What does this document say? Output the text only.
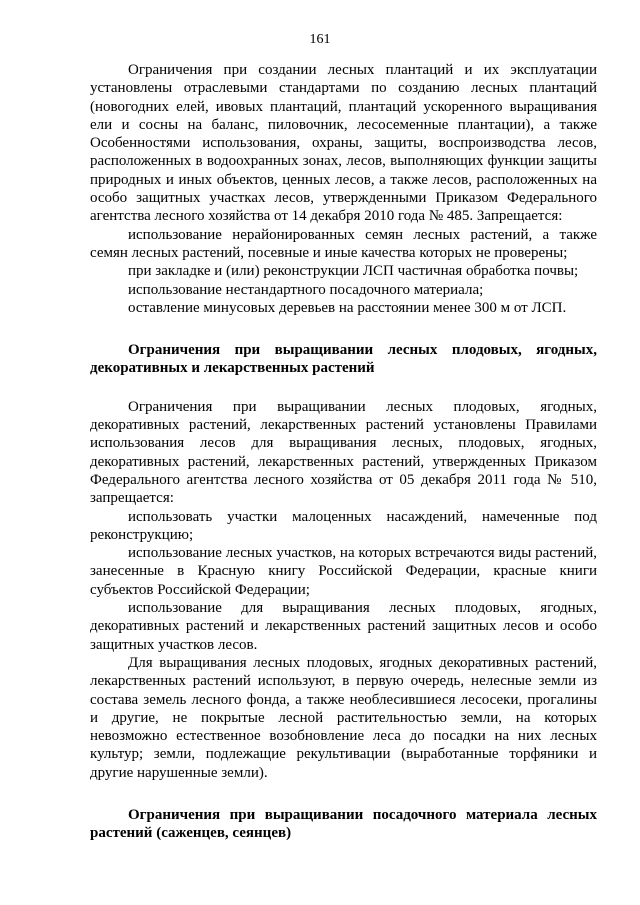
161

Ограничения при создании лесных плантаций и их эксплуатации установлены отраслевыми стандартами по созданию лесных плантаций (новогодних елей, ивовых плантаций, плантаций ускоренного выращивания ели и сосны на баланс, пиловочник, лесосеменные плантации), а также Особенностями использования, охраны, защиты, воспроизводства лесов, расположенных в водоохранных зонах, лесов, выполняющих функции защиты природных и иных объектов, ценных лесов, а также лесов, расположенных на особо защитных участках лесов, утвержденными Приказом Федерального агентства лесного хозяйства от 14 декабря 2010 года № 485. Запрещается:

использование нерайонированных семян лесных растений, а также семян лесных растений, посевные и иные качества которых не проверены;

при закладке и (или) реконструкции ЛСП частичная обработка почвы;

использование нестандартного посадочного материала;

оставление минусовых деревьев на расстоянии менее 300 м от ЛСП.

Ограничения при выращивании лесных плодовых, ягодных, декоративных и лекарственных растений

Ограничения при выращивании лесных плодовых, ягодных, декоративных растений, лекарственных растений установлены Правилами использования лесов для выращивания лесных, плодовых, ягодных, декоративных растений, лекарственных растений, утвержденных Приказом Федерального агентства лесного хозяйства от 05 декабря 2011 года № 510, запрещается:

использовать участки малоценных насаждений, намеченные под реконструкцию;

использование лесных участков, на которых встречаются виды растений, занесенные в Красную книгу Российской Федерации, красные книги субъектов Российской Федерации;

использование для выращивания лесных плодовых, ягодных, декоративных растений и лекарственных растений защитных лесов и особо защитных участков лесов.

Для выращивания лесных плодовых, ягодных декоративных растений, лекарственных растений используют, в первую очередь, нелесные земли из состава земель лесного фонда, а также необлесившиеся лесосеки, прогалины и другие, не покрытые лесной растительностью земли, на которых невозможно естественное возобновление леса до посадки на них лесных культур; земли, подлежащие рекультивации (выработанные торфяники и другие нарушенные земли).

Ограничения при выращивании посадочного материала лесных растений (саженцев, сеянцев)
